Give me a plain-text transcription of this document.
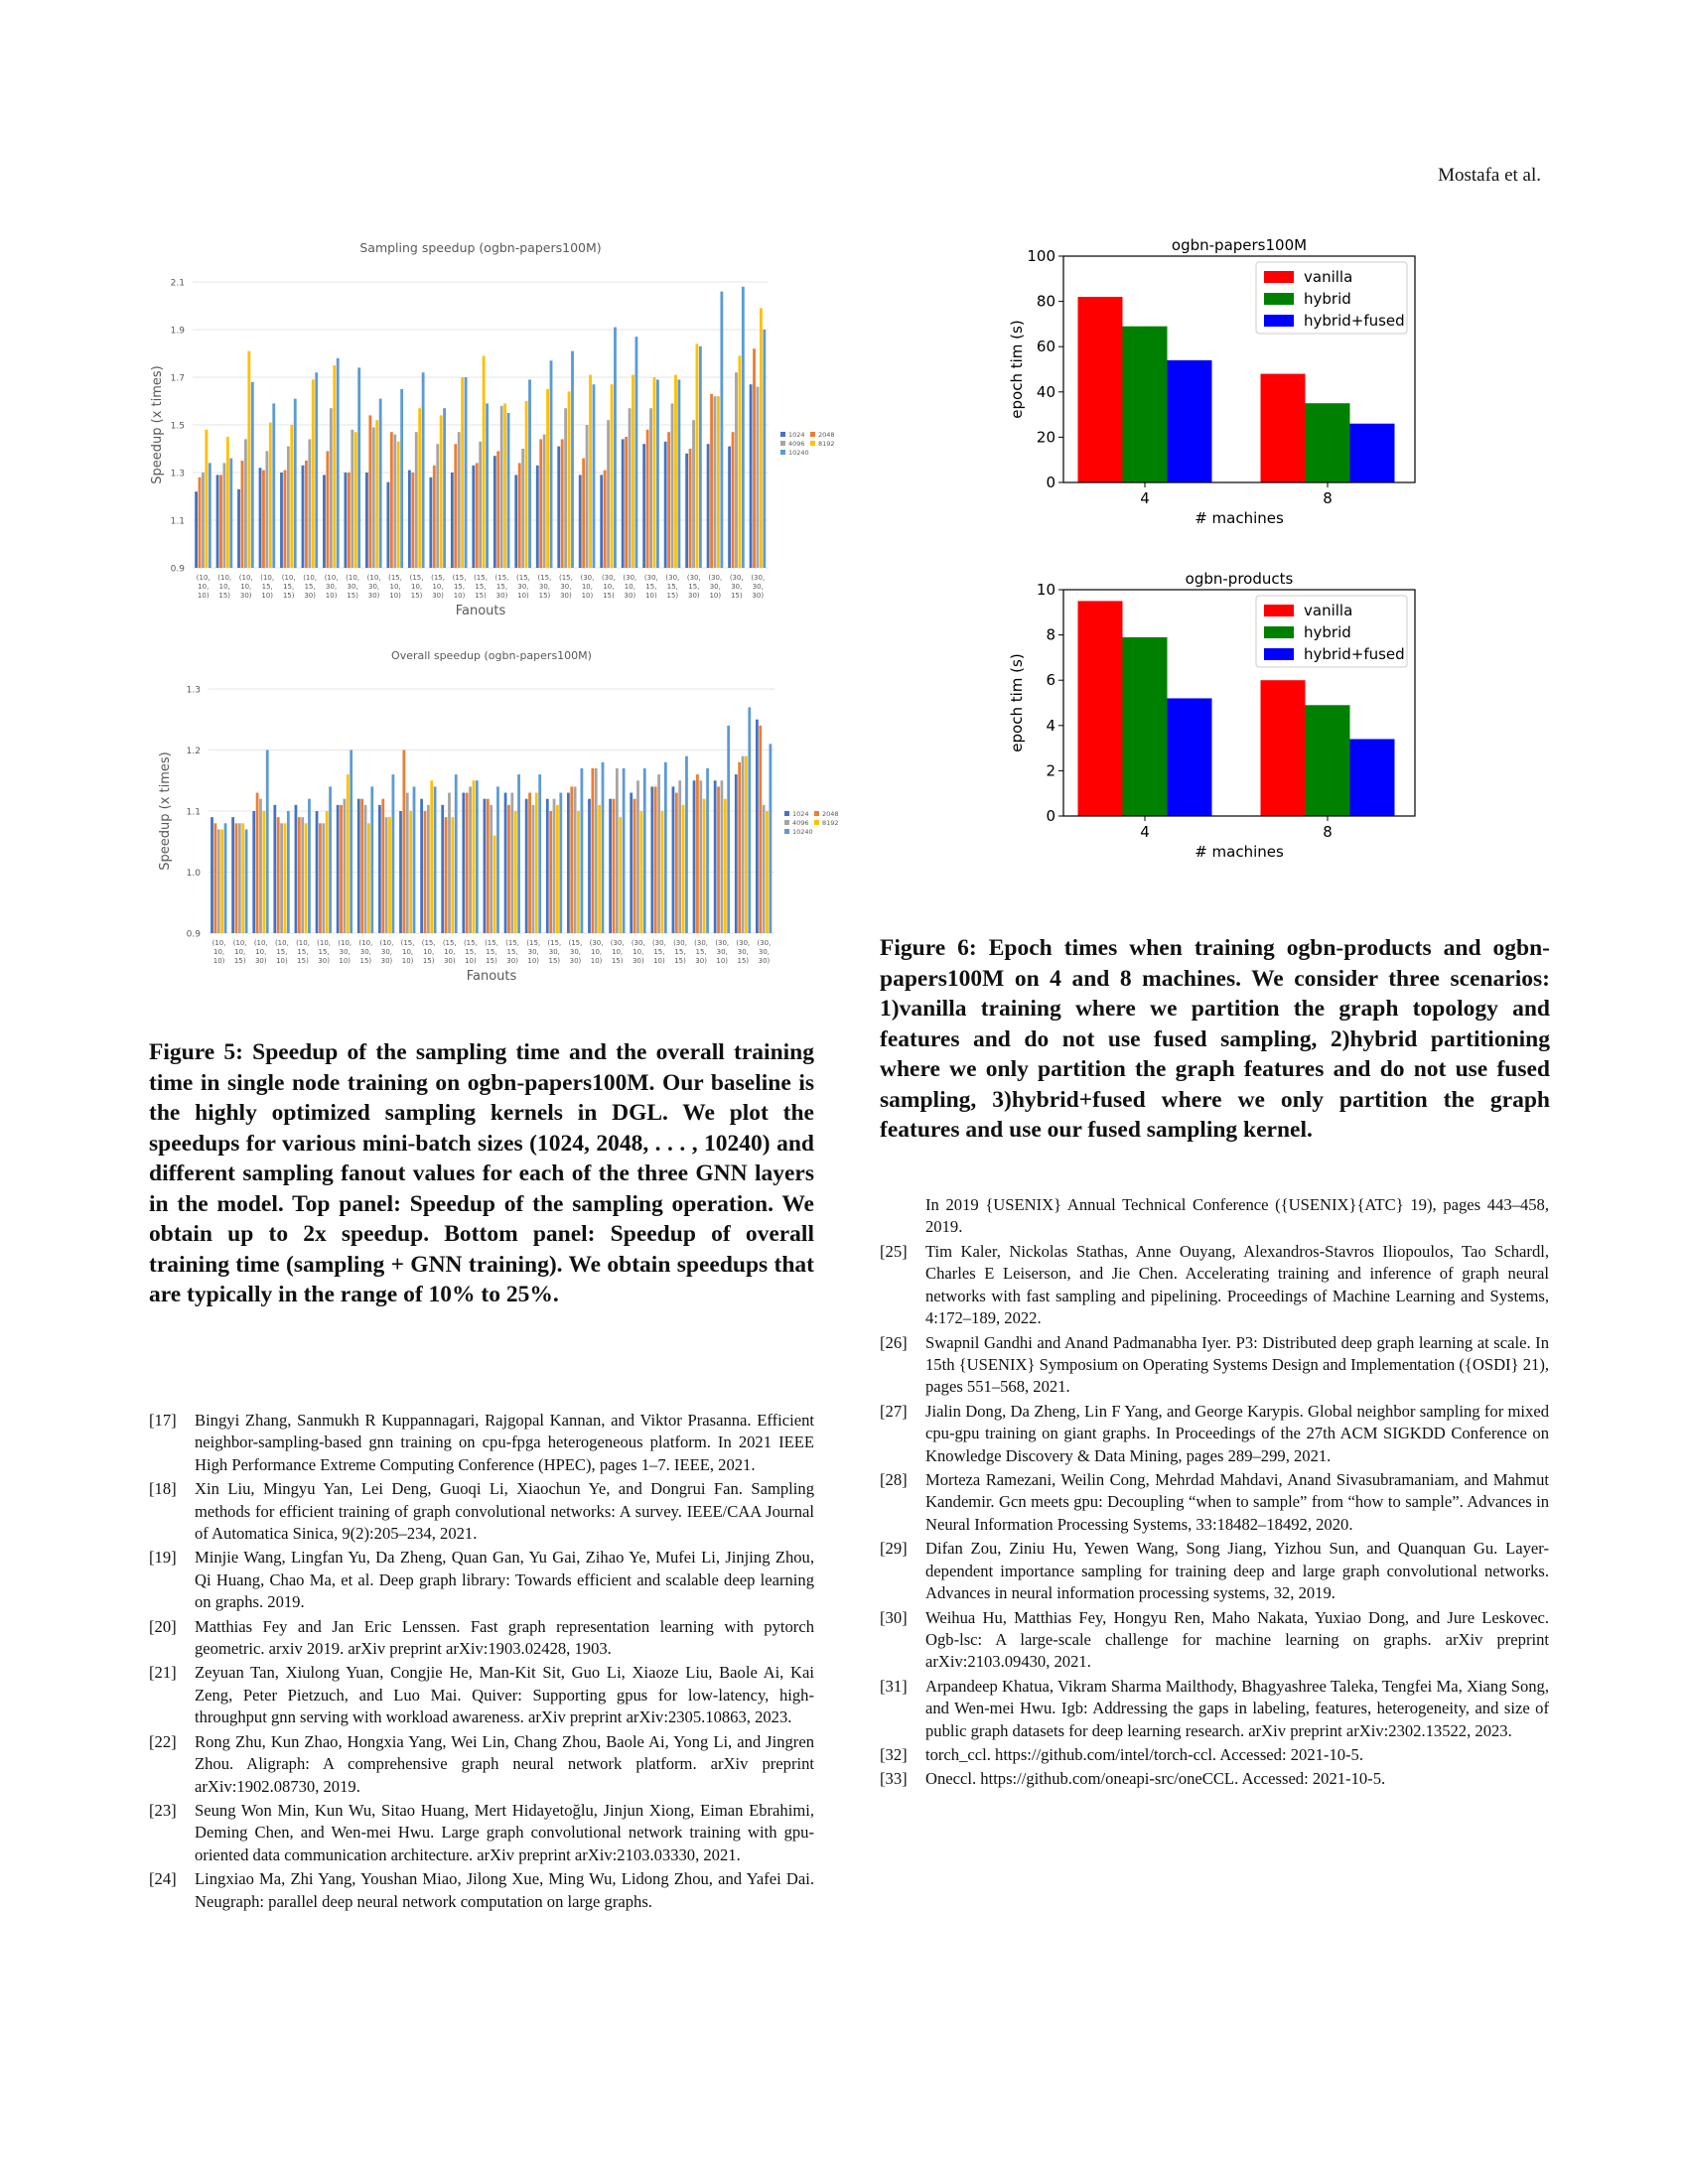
Mostafa et al.
Sampling speedup (ogbn-papers100M)
0.9
1.1
1.3
1.5
1.7
1.9
2.1
Speedup (x times)
(10,
10,
10)
(10,
10,
15)
(10,
10,
30)
(10,
15,
10)
(10,
15,
15)
(10,
15,
30)
(10,
30,
10)
(10,
30,
15)
(10,
30,
30)
(15,
10,
10)
(15,
10,
15)
(15,
10,
30)
(15,
15,
10)
(15,
15,
15)
(15,
15,
30)
(15,
30,
10)
(15,
30,
15)
(15,
30,
30)
(30,
10,
10)
(30,
10,
15)
(30,
10,
30)
(30,
15,
10)
(30,
15,
15)
(30,
15,
30)
(30,
30,
10)
(30,
30,
15)
(30,
30,
30)
Fanouts
1024 2048
4096 8192
10240
Overall speedup (ogbn-papers100M)
0.9
1.0
1.1
1.2
1.3
Speedup (x times)
(10,
10,
10)
(10,
10,
15)
(10,
10,
30)
(10,
15,
10)
(10,
15,
15)
(10,
15,
30)
(10,
30,
10)
(10,
30,
15)
(10,
30,
30)
(15,
10,
10)
(15,
10,
15)
(15,
10,
30)
(15,
15,
10)
(15,
15,
15)
(15,
15,
30)
(15,
30,
10)
(15,
30,
15)
(15,
30,
30)
(30,
10,
10)
(30,
10,
15)
(30,
10,
30)
(30,
15,
10)
(30,
15,
15)
(30,
15,
30)
(30,
30,
10)
(30,
30,
15)
(30,
30,
30)
Fanouts
1024 2048
4096 8192
10240
ogbn-papers100M
0
20
40
60
80
100
4	8
# machines
epoch tim (s)
vanilla
hybrid
hybrid+fused
ogbn-products
0
2
4
6
8
10
4	8
# machines
epoch tim (s)
vanilla
hybrid
hybrid+fused

Figure 5: Speedup of the sampling time and the overall training time in single node training on ogbn-papers100M. Our baseline is the highly optimized sampling kernels in DGL. We plot the speedups for various mini-batch sizes (1024, 2048, . . . , 10240) and different sampling fanout values for each of the three GNN layers in the model. Top panel: Speedup of the sampling operation. We obtain up to 2x speedup. Bottom panel: Speedup of overall training time (sampling + GNN training). We obtain speedups that are typically in the range of 10% to 25%.

Figure 6: Epoch times when training ogbn-products and ogbn-papers100M on 4 and 8 machines. We consider three scenarios: 1)vanilla training where we partition the graph topology and features and do not use fused sampling, 2)hybrid partitioning where we only partition the graph features and do not use fused sampling, 3)hybrid+fused where we only partition the graph features and use our fused sampling kernel.

[17] Bingyi Zhang, Sanmukh R Kuppannagari, Rajgopal Kannan, and Viktor Prasanna. Efficient neighbor-sampling-based gnn training on cpu-fpga heterogeneous platform. In 2021 IEEE High Performance Extreme Computing Conference (HPEC), pages 1–7. IEEE, 2021.
[18] Xin Liu, Mingyu Yan, Lei Deng, Guoqi Li, Xiaochun Ye, and Dongrui Fan. Sampling methods for efficient training of graph convolutional networks: A survey. IEEE/CAA Journal of Automatica Sinica, 9(2):205–234, 2021.
[19] Minjie Wang, Lingfan Yu, Da Zheng, Quan Gan, Yu Gai, Zihao Ye, Mufei Li, Jinjing Zhou, Qi Huang, Chao Ma, et al. Deep graph library: Towards efficient and scalable deep learning on graphs. 2019.
[20] Matthias Fey and Jan Eric Lenssen. Fast graph representation learning with pytorch geometric. arxiv 2019. arXiv preprint arXiv:1903.02428, 1903.
[21] Zeyuan Tan, Xiulong Yuan, Congjie He, Man-Kit Sit, Guo Li, Xiaoze Liu, Baole Ai, Kai Zeng, Peter Pietzuch, and Luo Mai. Quiver: Supporting gpus for low-latency, high-throughput gnn serving with workload awareness. arXiv preprint arXiv:2305.10863, 2023.
[22] Rong Zhu, Kun Zhao, Hongxia Yang, Wei Lin, Chang Zhou, Baole Ai, Yong Li, and Jingren Zhou. Aligraph: A comprehensive graph neural network platform. arXiv preprint arXiv:1902.08730, 2019.
[23] Seung Won Min, Kun Wu, Sitao Huang, Mert Hidayetoğlu, Jinjun Xiong, Eiman Ebrahimi, Deming Chen, and Wen-mei Hwu. Large graph convolutional network training with gpu-oriented data communication architecture. arXiv preprint arXiv:2103.03330, 2021.
[24] Lingxiao Ma, Zhi Yang, Youshan Miao, Jilong Xue, Ming Wu, Lidong Zhou, and Yafei Dai. Neugraph: parallel deep neural network computation on large graphs.

In 2019 {USENIX} Annual Technical Conference ({USENIX}{ATC} 19), pages 443–458, 2019.

[25] Tim Kaler, Nickolas Stathas, Anne Ouyang, Alexandros-Stavros Iliopoulos, Tao Schardl, Charles E Leiserson, and Jie Chen. Accelerating training and inference of graph neural networks with fast sampling and pipelining. Proceedings of Machine Learning and Systems, 4:172–189, 2022.
[26] Swapnil Gandhi and Anand Padmanabha Iyer. P3: Distributed deep graph learning at scale. In 15th {USENIX} Symposium on Operating Systems Design and Implementation ({OSDI} 21), pages 551–568, 2021.
[27] Jialin Dong, Da Zheng, Lin F Yang, and George Karypis. Global neighbor sampling for mixed cpu-gpu training on giant graphs. In Proceedings of the 27th ACM SIGKDD Conference on Knowledge Discovery & Data Mining, pages 289–299, 2021.
[28] Morteza Ramezani, Weilin Cong, Mehrdad Mahdavi, Anand Sivasubramaniam, and Mahmut Kandemir. Gcn meets gpu: Decoupling “when to sample” from “how to sample”. Advances in Neural Information Processing Systems, 33:18482–18492, 2020.
[29] Difan Zou, Ziniu Hu, Yewen Wang, Song Jiang, Yizhou Sun, and Quanquan Gu. Layer-dependent importance sampling for training deep and large graph convolutional networks. Advances in neural information processing systems, 32, 2019.
[30] Weihua Hu, Matthias Fey, Hongyu Ren, Maho Nakata, Yuxiao Dong, and Jure Leskovec. Ogb-lsc: A large-scale challenge for machine learning on graphs. arXiv preprint arXiv:2103.09430, 2021.
[31] Arpandeep Khatua, Vikram Sharma Mailthody, Bhagyashree Taleka, Tengfei Ma, Xiang Song, and Wen-mei Hwu. Igb: Addressing the gaps in labeling, features, heterogeneity, and size of public graph datasets for deep learning research. arXiv preprint arXiv:2302.13522, 2023.
[32] torch_ccl. https://github.com/intel/torch-ccl. Accessed: 2021-10-5.
[33] Oneccl. https://github.com/oneapi-src/oneCCL. Accessed: 2021-10-5.
